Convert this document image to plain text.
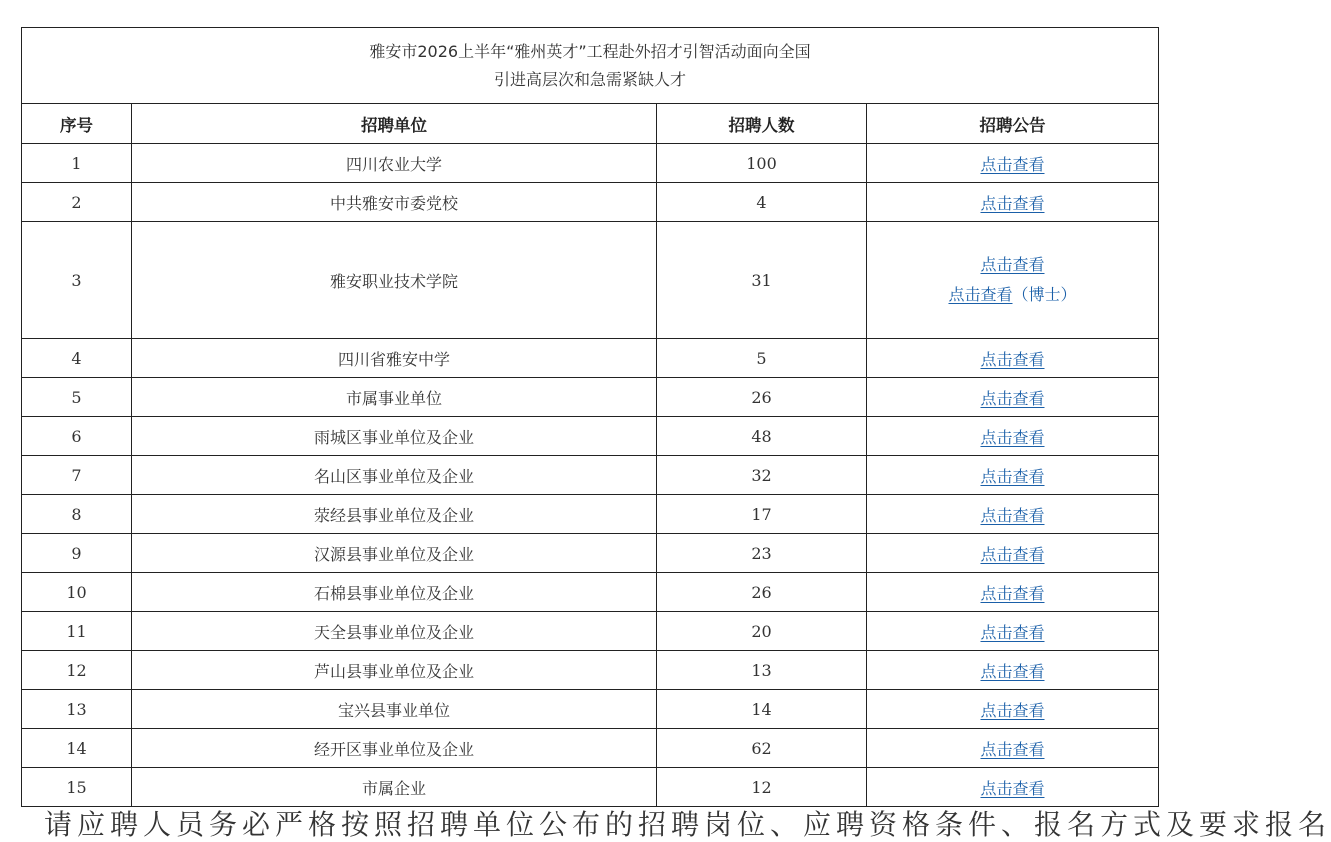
雅安市2026上半年“雅州英才”工程赴外招才引智活动面向全国
引进高层次和急需紧缺人才			

序号	招聘单位	招聘人数	招聘公告
1	四川农业大学	100	点击查看
2	中共雅安市委党校	4	点击查看
3	雅安职业技术学院	31	点击查看
点击查看（博士）

4	四川省雅安中学	5	点击查看
5	市属事业单位	26	点击查看
6	雨城区事业单位及企业	48	点击查看
7	名山区事业单位及企业	32	点击查看
8	荥经县事业单位及企业	17	点击查看
9	汉源县事业单位及企业	23	点击查看
10	石棉县事业单位及企业	26	点击查看
11	天全县事业单位及企业	20	点击查看
12	芦山县事业单位及企业	13	点击查看
13	宝兴县事业单位	14	点击查看
14	经开区事业单位及企业	62	点击查看
15	市属企业	12	点击查看
请应聘人员务必严格按照招聘单位公布的招聘岗位、应聘资格条件、报名方式及要求报名
